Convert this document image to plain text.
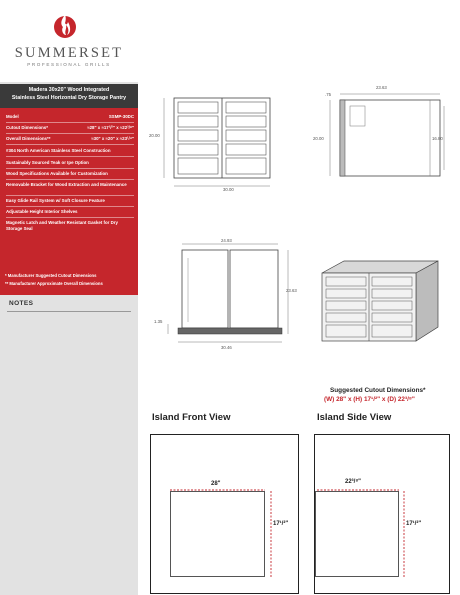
SUMMERSET
PROFESSIONAL GRILLS
Madera 30x20" Wood Integrated
Stainless Steel Horizontal Dry Storage Pantry
Model	SSMP-30DC
Cutout Dimensions*	≈28" x ≈17¹/²" x ≈22³/⁸"
Overall Dimensions**	≈30" x ≈20" x ≈23¹/⁴"
#304 North American Stainless Steel Construction
Sustainably Sourced Teak or Ipe Option
Wood Specifications Available for Customization
Removable Bracket for Wood Extraction and Maintenance
Easy Glide Rail System w/ Soft Closure Feature
Adjustable Height Interior Shelves
Magnetic Latch and Weather Resistant Gasket for Dry Storage Seal
* Manufacturer Suggested Cutout Dimensions
** Manufacturer Approximate Overall Dimensions
NOTES
20.00
30.00
23.63
.75
20.00	16.80
24.93
23.63
1.35
30.46
Suggested Cutout Dimensions*
(W) 28" x (H) 17¹/²" x (D) 22³/⁸"
Island Front View
28"
17¹/²"
Island Side View
22³/⁸"
17¹/²"
